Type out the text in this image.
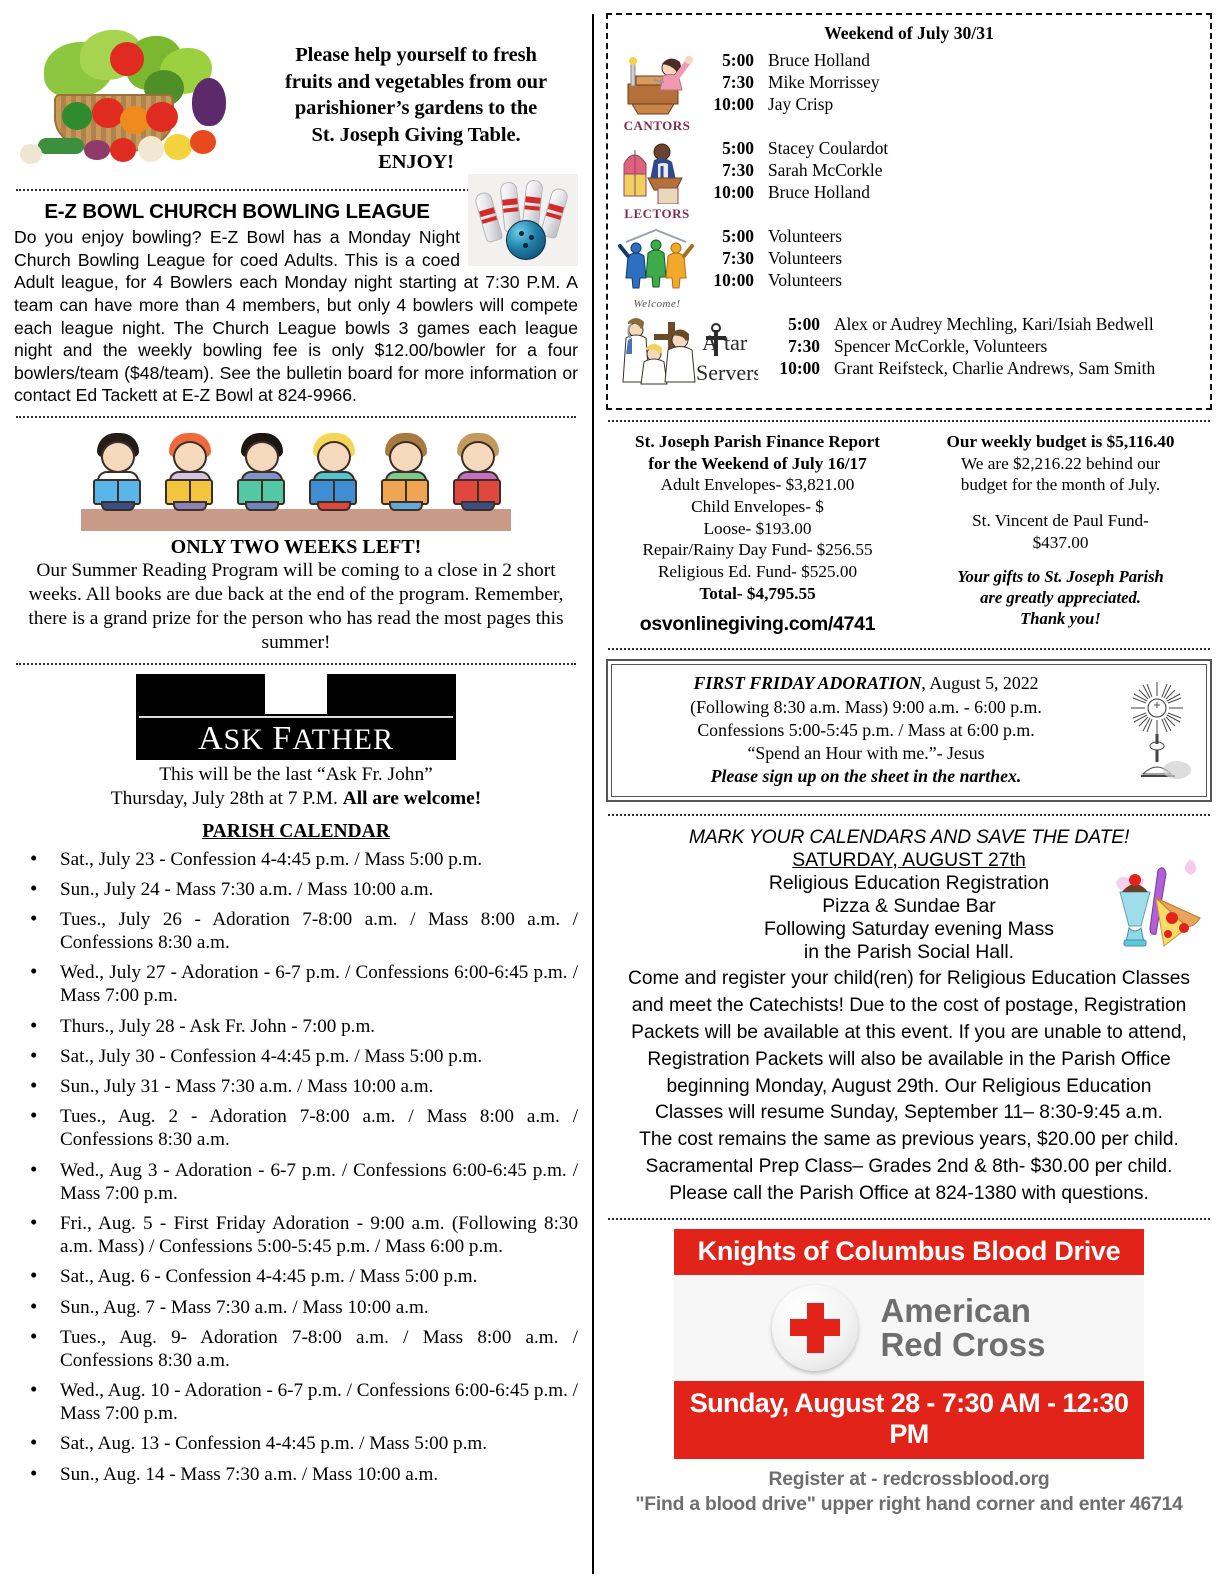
Please help yourself to fresh
fruits and vegetables from our
parishioner’s gardens to the
St. Joseph Giving Table.
ENJOY!
E-Z BOWL CHURCH BOWLING LEAGUE
Do you enjoy bowling? E-Z Bowl has a Monday Night Church Bowling League for coed Adults. This is a coed Adult league, for 4 Bowlers each Monday night starting at 7:30 P.M. A team can have more than 4 members, but only 4 bowlers will compete each league night. The Church League bowls 3 games each league night and the weekly bowling fee is only $12.00/bowler for a four bowlers/team ($48/team). See the bulletin board for more information or contact Ed Tackett at E-Z Bowl at 824-9966.
ONLY TWO WEEKS LEFT!
Our Summer Reading Program will be coming to a close in 2 short weeks. All books are due back at the end of the program. Remember, there is a grand prize for the person who has read the most pages this summer!
ASK FATHER
This will be the last “Ask Fr. John”
Thursday, July 28th at 7 P.M. All are welcome!
PARISH CALENDAR
• Sat., July 23 - Confession 4-4:45 p.m. / Mass 5:00 p.m.
• Sun., July 24 - Mass 7:30 a.m. / Mass 10:00 a.m.
• Tues., July 26 - Adoration 7-8:00 a.m. / Mass 8:00 a.m. / Confessions 8:30 a.m.
• Wed., July 27 - Adoration - 6-7 p.m. / Confessions 6:00-6:45 p.m. / Mass 7:00 p.m.
• Thurs., July 28 - Ask Fr. John - 7:00 p.m.
• Sat., July 30 - Confession 4-4:45 p.m. / Mass 5:00 p.m.
• Sun., July 31 - Mass 7:30 a.m. / Mass 10:00 a.m.
• Tues., Aug. 2 - Adoration 7-8:00 a.m. / Mass 8:00 a.m. / Confessions 8:30 a.m.
• Wed., Aug 3 - Adoration - 6-7 p.m. / Confessions 6:00-6:45 p.m. / Mass 7:00 p.m.
• Fri., Aug. 5 - First Friday Adoration - 9:00 a.m. (Following 8:30 a.m. Mass) / Confessions 5:00-5:45 p.m. / Mass 6:00 p.m.
• Sat., Aug. 6 - Confession 4-4:45 p.m. / Mass 5:00 p.m.
• Sun., Aug. 7 - Mass 7:30 a.m. / Mass 10:00 a.m.
• Tues., Aug. 9- Adoration 7-8:00 a.m. / Mass 8:00 a.m. / Confessions 8:30 a.m.
• Wed., Aug. 10 - Adoration - 6-7 p.m. / Confessions 6:00-6:45 p.m. / Mass 7:00 p.m.
• Sat., Aug. 13 - Confession 4-4:45 p.m. / Mass 5:00 p.m.
• Sun., Aug. 14 - Mass 7:30 a.m. / Mass 10:00 a.m.
Weekend of July 30/31
CANTORS
5:00 Bruce Holland
7:30 Mike Morrissey
10:00 Jay Crisp
LECTORS
5:00 Stacey Coulardot
7:30 Sarah McCorkle
10:00 Bruce Holland
Welcome!
5:00 Volunteers
7:30 Volunteers
10:00 Volunteers
tar
A
Servers
5:00 Alex or Audrey Mechling, Kari/Isiah Bedwell
7:30 Spencer McCorkle, Volunteers
10:00 Grant Reifsteck, Charlie Andrews, Sam Smith
St. Joseph Parish Finance Report
for the Weekend of July 16/17
Adult Envelopes- $3,821.00
Child Envelopes- $
Loose- $193.00
Repair/Rainy Day Fund- $256.55
Religious Ed. Fund- $525.00
Total- $4,795.55
osvonlinegiving.com/4741
Our weekly budget is $5,116.40
We are $2,216.22 behind our
budget for the month of July.
St. Vincent de Paul Fund-
$437.00
Your gifts to St. Joseph Parish
are greatly appreciated.
Thank you!
FIRST FRIDAY ADORATION, August 5, 2022
(Following 8:30 a.m. Mass) 9:00 a.m. - 6:00 p.m.
Confessions 5:00-5:45 p.m. / Mass at 6:00 p.m.
“Spend an Hour with me.”- Jesus
Please sign up on the sheet in the narthex.
MARK YOUR CALENDARS AND SAVE THE DATE!
SATURDAY, AUGUST 27th
Religious Education Registration
Pizza & Sundae Bar
Following Saturday evening Mass
in the Parish Social Hall.
Come and register your child(ren) for Religious Education Classes
and meet the Catechists! Due to the cost of postage, Registration
Packets will be available at this event. If you are unable to attend,
Registration Packets will also be available in the Parish Office
beginning Monday, August 29th. Our Religious Education
Classes will resume Sunday, September 11– 8:30-9:45 a.m.
The cost remains the same as previous years, $20.00 per child.
Sacramental Prep Class– Grades 2nd & 8th- $30.00 per child.
Please call the Parish Office at 824-1380 with questions.
Knights of Columbus Blood Drive
American
Red Cross
Sunday, August 28 - 7:30 AM - 12:30 PM
Register at - redcrossblood.org
"Find a blood drive" upper right hand corner and enter 46714
